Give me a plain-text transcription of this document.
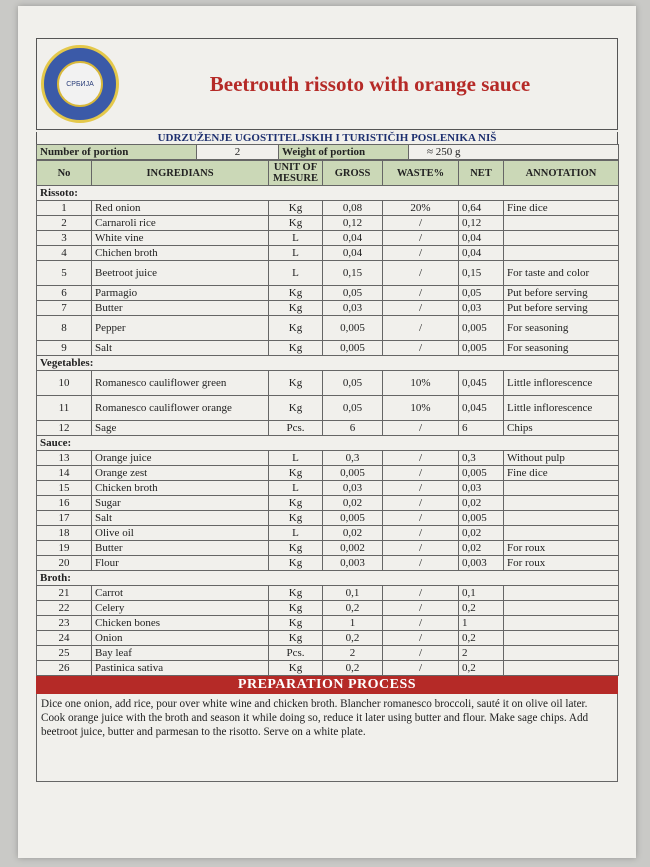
СРБИЈА	Beetrouth rissoto with orange sauce
UDRZUŽENJE UGOSTITELJSKIH I TURISTIČIH POSLENIKA NIŠ
Number of portion	2	Weight of portion	≈ 250 g
No	INGREDIANS	UNIT OF MESURE	GROSS	WASTE%	NET	ANNOTATION
Rissoto:						
1	Red onion	Kg	0,08	20%	0,64	Fine dice
2	Carnaroli rice	Kg	0,12	/	0,12	
3	White vine	L	0,04	/	0,04	
4	Chichen broth	L	0,04	/	0,04	
5	Beetroot juice	L	0,15	/	0,15	For taste and color
6	Parmagio	Kg	0,05	/	0,05	Put before serving
7	Butter	Kg	0,03	/	0,03	Put before serving
8	Pepper	Kg	0,005	/	0,005	For seasoning
9	Salt	Kg	0,005	/	0,005	For seasoning
Vegetables:						
10	Romanesco cauliflower green	Kg	0,05	10%	0,045	Little inflorescence
11	Romanesco cauliflower orange	Kg	0,05	10%	0,045	Little inflorescence
12	Sage	Pcs.	6	/	6	Chips
Sauce:						
13	Orange juice	L	0,3	/	0,3	Without pulp
14	Orange zest	Kg	0,005	/	0,005	Fine dice
15	Chicken broth	L	0,03	/	0,03	
16	Sugar	Kg	0,02	/	0,02	
17	Salt	Kg	0,005	/	0,005	
18	Olive oil	L	0,02	/	0,02	
19	Butter	Kg	0,002	/	0,02	For roux
20	Flour	Kg	0,003	/	0,003	For roux
Broth:						
21	Carrot	Kg	0,1	/	0,1	
22	Celery	Kg	0,2	/	0,2	
23	Chicken bones	Kg	1	/	1	
24	Onion	Kg	0,2	/	0,2	
25	Bay leaf	Pcs.	2	/	2	
26	Pastinica sativa	Kg	0,2	/	0,2	
PREPARATION PROCESS
Dice one onion, add rice, pour over white wine and chicken broth. Blancher romanesco broccoli, sauté it on olive oil later. Cook orange juice with the broth and season it while doing so, reduce it later using butter and flour. Make sage chips. Add beetroot juice, butter and parmesan to the risotto. Serve on a white plate.
